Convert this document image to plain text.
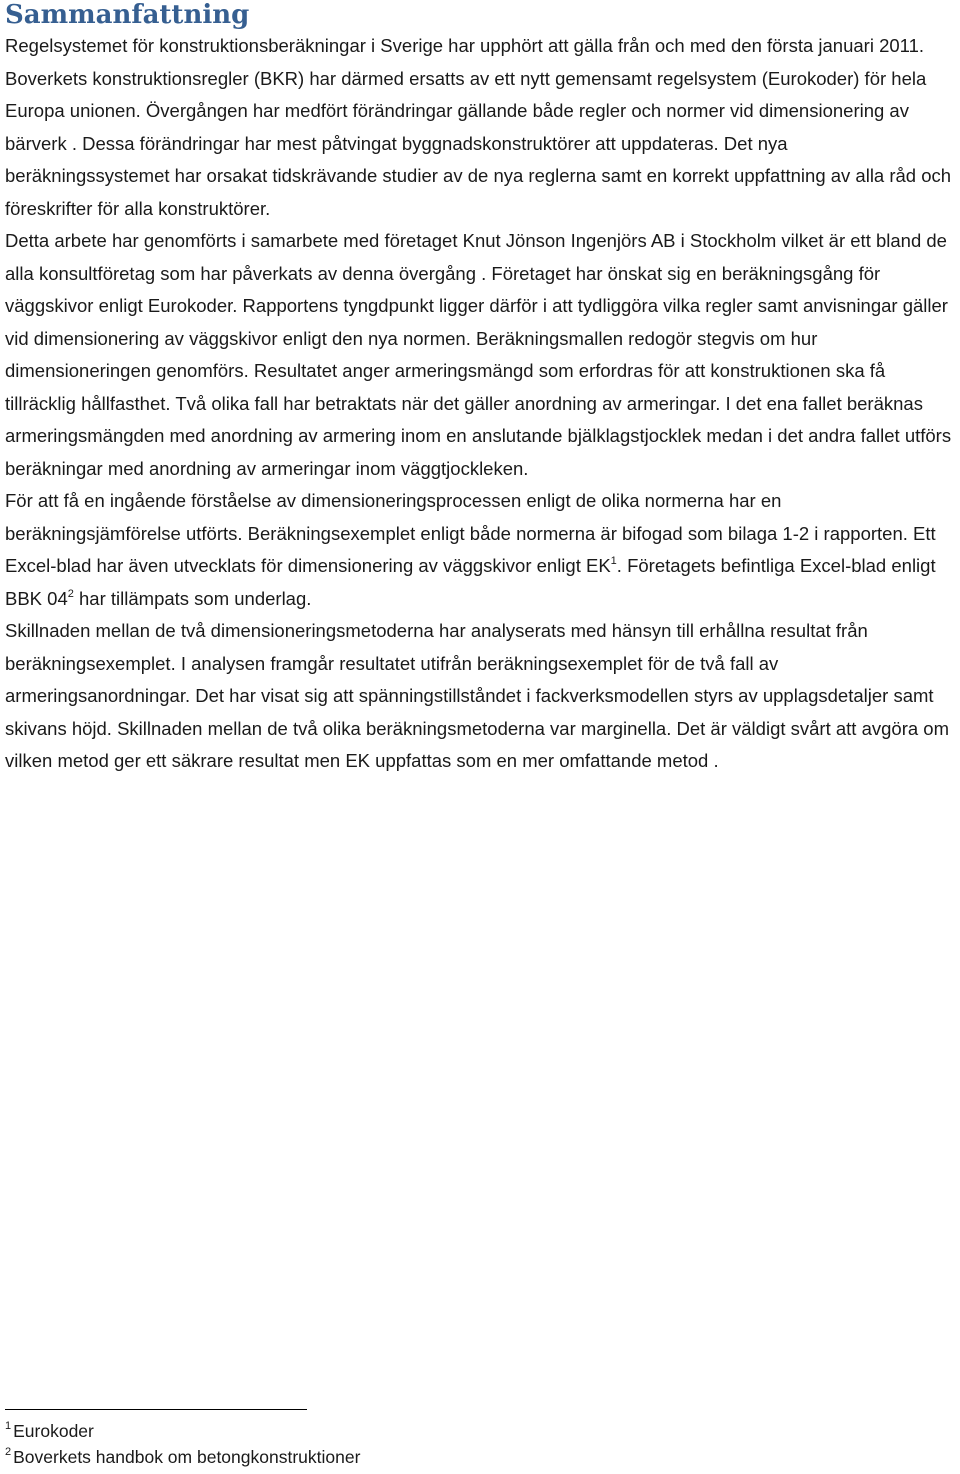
Sammanfattning

Regelsystemet för konstruktionsberäkningar i Sverige har upphört att gälla från och med den första januari 2011. Boverkets konstruktionsregler (BKR) har därmed ersatts av ett nytt gemensamt regelsystem (Eurokoder) för hela Europa unionen. Övergången har medfört förändringar gällande både regler och normer vid dimensionering av bärverk . Dessa förändringar har mest påtvingat byggnadskonstruktörer att uppdateras. Det nya beräkningssystemet har orsakat tidskrävande studier av de nya reglerna samt en korrekt uppfattning av alla råd och föreskrifter för alla konstruktörer.

Detta arbete har genomförts i samarbete med företaget Knut Jönson Ingenjörs AB i Stockholm vilket är ett bland de alla konsultföretag som har påverkats av denna övergång . Företaget har önskat sig en beräkningsgång för väggskivor enligt Eurokoder. Rapportens tyngdpunkt ligger därför i att tydliggöra vilka regler samt anvisningar gäller vid dimensionering av väggskivor enligt den nya normen. Beräkningsmallen redogör stegvis om hur dimensioneringen genomförs. Resultatet anger armeringsmängd som erfordras för att konstruktionen ska få tillräcklig hållfasthet. Två olika fall har betraktats när det gäller anordning av armeringar. I det ena fallet beräknas armeringsmängden med anordning av armering inom en anslutande bjälklagstjocklek medan i det andra fallet utförs beräkningar med anordning av armeringar inom väggtjockleken.

För att få en ingående förståelse av dimensioneringsprocessen enligt de olika normerna har en beräkningsjämförelse utförts. Beräkningsexemplet enligt både normerna är bifogad som bilaga 1-2 i rapporten. Ett Excel-blad har även utvecklats för dimensionering av väggskivor enligt EK$^1$. Företagets befintliga Excel-blad enligt BBK 04$^2$ har tillämpats som underlag.

Skillnaden mellan de två dimensioneringsmetoderna har analyserats med hänsyn till erhållna resultat från beräkningsexemplet. I analysen framgår resultatet utifrån beräkningsexemplet för de två fall av armeringsanordningar. Det har visat sig att spänningstillståndet i fackverksmodellen styrs av upplagsdetaljer samt skivans höjd. Skillnaden mellan de två olika beräkningsmetoderna var marginella. Det är väldigt svårt att avgöra om vilken metod ger ett säkrare resultat men EK uppfattas som en mer omfattande metod .

$^1$ Eurokoder

$^2$ Boverkets handbok om betongkonstruktioner
